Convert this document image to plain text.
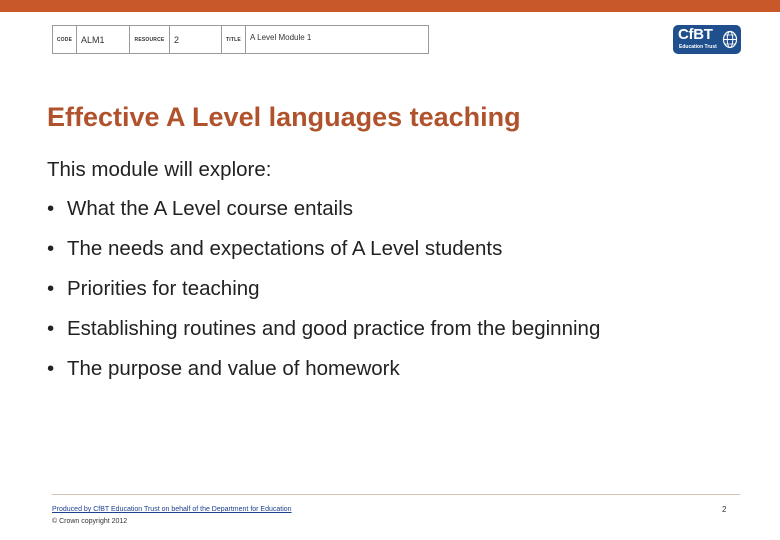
CODE ALM1	RESOURCE	2	TITLE	A Level Module 1	CfBT
Education Trust
Effective A Level languages teaching

This module will explore:

• What the A Level course entails
• The needs and expectations of A Level students
• Priorities for teaching
• Establishing routines and good practice from the beginning
• The purpose and value of homework
Produced by CfBT Education Trust on behalf of the Department for Education
© Crown copyright 2012
2
